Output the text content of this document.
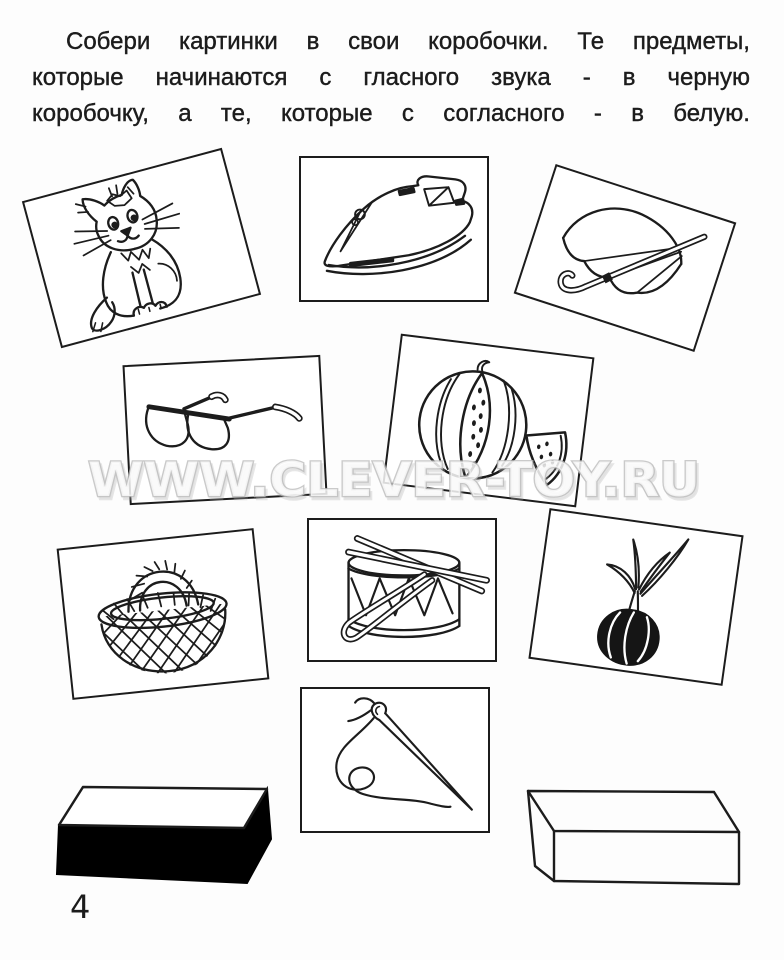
Собери картинки в свои коробочки. Те предметы,
которые начинаются с гласного звука - в черную
коробочку, а те, которые с согласного - в белую.
WWW.CLEVER-TOY.RU
4
